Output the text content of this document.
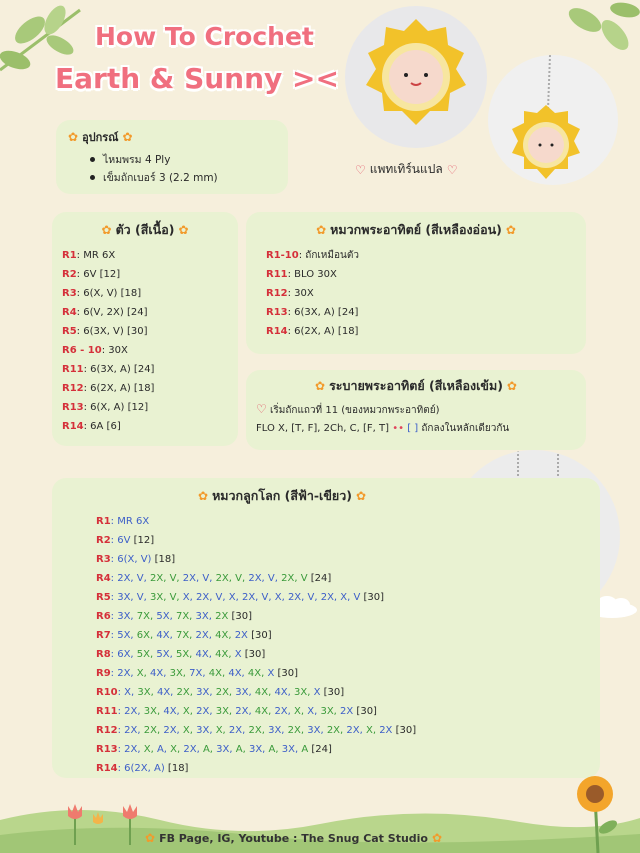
How To Crochet
Earth & Sunny ><
✿ อุปกรณ์ ✿
ไหมพรม 4 Ply
เข็มถักเบอร์ 3 (2.2 mm)
♡ แพทเทิร์นแปล ♡
✿ ตัว (สีเนื้อ) ✿
R1: MR 6X
R2: 6V [12]
R3: 6(X, V) [18]
R4: 6(V, 2X) [24]
R5: 6(3X, V) [30]
R6 - 10: 30X
R11: 6(3X, A) [24]
R12: 6(2X, A) [18]
R13: 6(X, A) [12]
R14: 6A [6]
✿ หมวกพระอาทิตย์ (สีเหลืองอ่อน) ✿
R1-10: ถักเหมือนตัว
R11: BLO 30X
R12: 30X
R13: 6(3X, A) [24]
R14: 6(2X, A) [18]
✿ ระบายพระอาทิตย์ (สีเหลืองเข้ม) ✿
♡ เริ่มถักแถวที่ 11 (ของหมวกพระอาทิตย์)
FLO X, [T, F], 2Ch, C, [F, T] •• [ ] ถักลงในหลักเดียวกัน
✿ หมวกลูกโลก (สีฟ้า-เขียว) ✿
R1: MR 6X
R2: 6V [12]
R3: 6(X, V) [18]
R4: 2X, V, 2X, V, 2X, V, 2X, V, 2X, V, 2X, V [24]
R5: 3X, V, 3X, V, X, 2X, V, X, 2X, V, X, 2X, V, 2X, X, V [30]
R6: 3X, 7X, 5X, 7X, 3X, 2X [30]
R7: 5X, 6X, 4X, 7X, 2X, 4X, 2X [30]
R8: 6X, 5X, 5X, 5X, 4X, 4X, X [30]
R9: 2X, X, 4X, 3X, 7X, 4X, 4X, 4X, X [30]
R10: X, 3X, 4X, 2X, 3X, 2X, 3X, 4X, 4X, 3X, X [30]
R11: 2X, 3X, 4X, X, 2X, 3X, 2X, 4X, 2X, X, X, 3X, 2X [30]
R12: 2X, 2X, 2X, X, 3X, X, 2X, 2X, 3X, 2X, 3X, 2X, 2X, X, 2X [30]
R13: 2X, X, A, X, 2X, A, 3X, A, 3X, A, 3X, A [24]
R14: 6(2X, A) [18]
✿ FB Page, IG, Youtube : The Snug Cat Studio ✿
